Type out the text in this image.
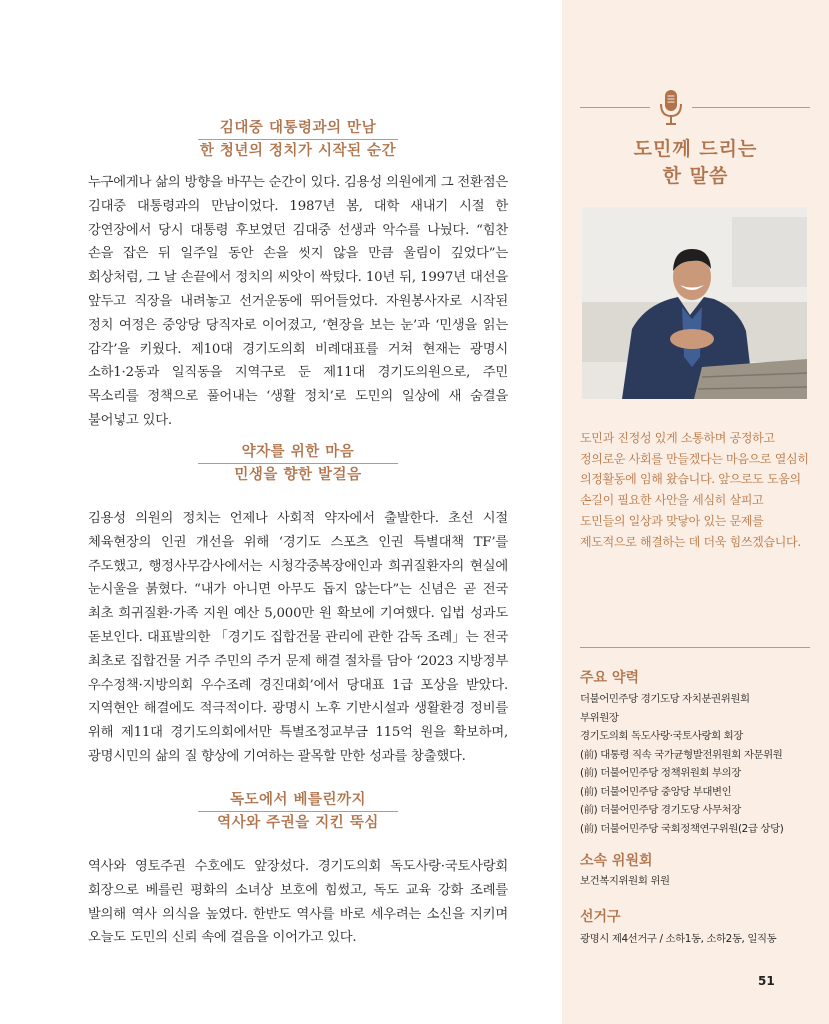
김대중 대통령과의 만남
한 청년의 정치가 시작된 순간

누구에게나 삶의 방향을 바꾸는 순간이 있다. 김용성 의원에게 그 전환점은 김대중 대통령과의 만남이었다. 1987년 봄, 대학 새내기 시절 한 강연장에서 당시 대통령 후보였던 김대중 선생과 악수를 나눴다. “힘찬 손을 잡은 뒤 일주일 동안 손을 씻지 않을 만큼 울림이 깊었다”는 회상처럼, 그 날 손끝에서 정치의 씨앗이 싹텄다. 10년 뒤, 1997년 대선을 앞두고 직장을 내려놓고 선거운동에 뛰어들었다. 자원봉사자로 시작된 정치 여정은 중앙당 당직자로 이어졌고, ‘현장을 보는 눈’과 ‘민생을 읽는 감각’을 키웠다. 제10대 경기도의회 비례대표를 거쳐 현재는 광명시 소하1·2동과 일직동을 지역구로 둔 제11대 경기도의원으로, 주민 목소리를 정책으로 풀어내는 ‘생활 정치’로 도민의 일상에 새 숨결을 불어넣고 있다.

약자를 위한 마음
민생을 향한 발걸음

김용성 의원의 정치는 언제나 사회적 약자에서 출발한다. 초선 시절 체육현장의 인권 개선을 위해 ‘경기도 스포츠 인권 특별대책 TF’를 주도했고, 행정사무감사에서는 시청각중복장애인과 희귀질환자의 현실에 눈시울을 붉혔다. “내가 아니면 아무도 돕지 않는다”는 신념은 곧 전국 최초 희귀질환·가족 지원 예산 5,000만 원 확보에 기여했다. 입법 성과도 돋보인다. 대표발의한 「경기도 집합건물 관리에 관한 감독 조례」는 전국 최초로 집합건물 거주 주민의 주거 문제 해결 절차를 담아 ‘2023 지방정부 우수정책·지방의회 우수조례 경진대회’에서 당대표 1급 포상을 받았다. 지역현안 해결에도 적극적이다. 광명시 노후 기반시설과 생활환경 정비를 위해 제11대 경기도의회에서만 특별조정교부금 115억 원을 확보하며, 광명시민의 삶의 질 향상에 기여하는 괄목할 만한 성과를 창출했다.

독도에서 베를린까지
역사와 주권을 지킨 뚝심

역사와 영토주권 수호에도 앞장섰다. 경기도의회 독도사랑·국토사랑회 회장으로 베를린 평화의 소녀상 보호에 힘썼고, 독도 교육 강화 조례를 발의해 역사 의식을 높였다. 한반도 역사를 바로 세우려는 소신을 지키며 오늘도 도민의 신뢰 속에 걸음을 이어가고 있다.

도민께 드리는
한 말씀
도민과 진정성 있게 소통하며 공정하고 정의로운 사회를 만들겠다는 마음으로 열심히 의정활동에 임해 왔습니다. 앞으로도 도움의 손길이 필요한 사안을 세심히 살피고 도민들의 일상과 맞닿아 있는 문제를 제도적으로 해결하는 데 더욱 힘쓰겠습니다.
주요 약력
더불어민주당 경기도당 자치분권위원회
부위원장
경기도의회 독도사랑·국토사랑회 회장
(前) 대통령 직속 국가균형발전위원회 자문위원
(前) 더불어민주당 정책위원회 부의장
(前) 더불어민주당 중앙당 부대변인
(前) 더불어민주당 경기도당 사무처장
(前) 더불어민주당 국회정책연구위원(2급 상당)
소속 위원회
보건복지위원회 위원
선거구
광명시 제4선거구 / 소하1동, 소하2동, 일직동
51
